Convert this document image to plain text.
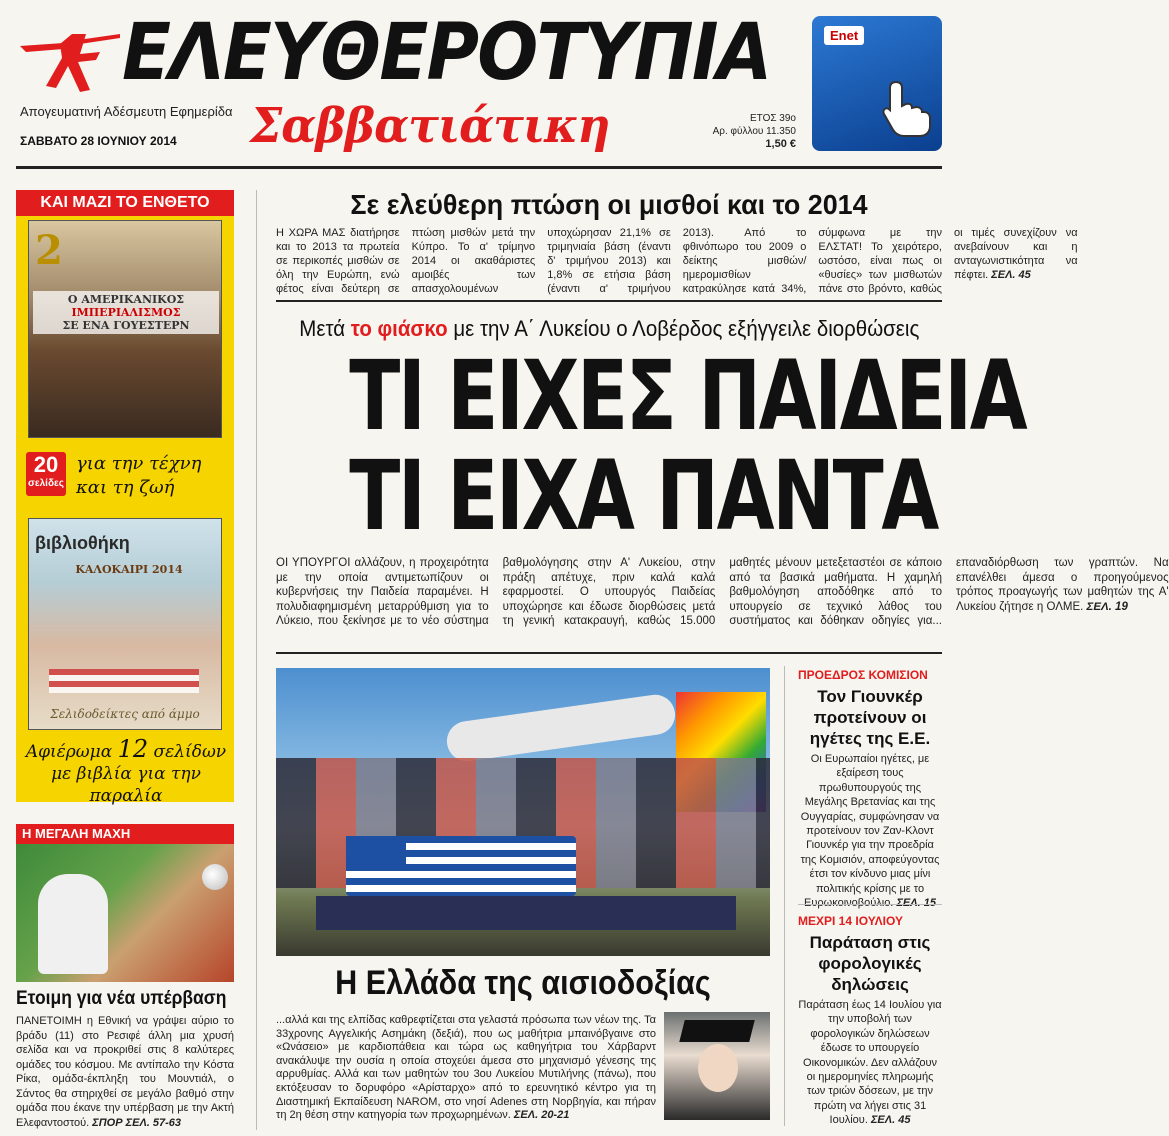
ΕΛΕΥΘΕΡΟΤΥΠΙΑ
Απογευματινή Αδέσμευτη Εφημερίδα
ΣΑΒΒΑΤΟ 28 ΙΟΥΝΙΟΥ 2014 Σαββατιάτικη	ΕΤΟΣ 39ο
Αρ. φύλλου 11.350
1,50 €
Enet
ΚΑΙ ΜΑΖΙ ΤΟ ΕΝΘΕΤΟ
2
Ο ΑΜΕΡΙΚΑΝΙΚΟΣ
ΙΜΠΕΡΙΑΛΙΣΜΟΣ
ΣΕ ΕΝΑ ΓΟΥΕΣΤΕΡΝ
20
σελίδες
για την τέχνη και τη ζωή
βιβλιοθήκη
ΚΑΛΟΚΑΙΡΙ 2014
Σελιδοδείκτες από άμμο
Αφιέρωμα 12 σελίδων με βιβλία για την παραλία
Η ΜΕΓΑΛΗ ΜΑΧΗ
Ετοιμη για νέα υπέρβαση
ΠΑΝΕΤΟΙΜΗ η Εθνική να γράψει αύριο το βράδυ (11) στο Ρεσιφέ άλλη μια χρυσή σελίδα και να προκριθεί στις 8 καλύτερες ομάδες του κόσμου. Με αντίπαλο την Κόστα Ρίκα, ομάδα-έκπληξη του Μουντιάλ, ο Σάντος θα στηριχθεί σε μεγάλο βαθμό στην ομάδα που έκανε την υπέρβαση με την Ακτή Ελεφαντοστού. ΣΠΟΡ ΣΕΛ. 57-63
Σε ελεύθερη πτώση οι μισθοί και το 2014
Η ΧΩΡΑ ΜΑΣ διατήρησε και το 2013 τα πρωτεία σε περικοπές μισθών σε όλη την Ευρώπη, ενώ φέτος είναι δεύτερη σε πτώση μισθών μετά την Κύπρο. Το α' τρίμηνο 2014 οι ακαθάριστες αμοιβές των απασχολουμένων υποχώρησαν 21,1% σε τριμηνιαία βάση (έναντι δ' τριμήνου 2013) και 1,8% σε ετήσια βάση (έναντι α' τριμήνου 2013). Από το φθινόπωρο του 2009 ο δείκτης μισθών/ημερομισθίων κατρακύλησε κατά 34%, σύμφωνα με την ΕΛΣΤΑΤ! Το χειρότερο, ωστόσο, είναι πως οι «θυσίες» των μισθωτών πάνε στο βρόντο, καθώς οι τιμές συνεχίζουν να ανεβαίνουν και η ανταγωνιστικότητα να πέφτει. ΣΕΛ. 45
Μετά το φιάσκο με την Α΄ Λυκείου ο Λοβέρδος εξήγγειλε διορθώσεις
ΤΙ ΕΙΧΕΣ ΠΑΙΔΕΙΑ
ΤΙ ΕΙΧΑ ΠΑΝΤΑ
ΟΙ ΥΠΟΥΡΓΟΙ αλλάζουν, η προχειρότητα με την οποία αντιμετωπίζουν οι κυβερνήσεις την Παιδεία παραμένει. Η πολυδιαφημισμένη μεταρρύθμιση για το Λύκειο, που ξεκίνησε με το νέο σύστημα βαθμολόγησης στην Α' Λυκείου, στην πράξη απέτυχε, πριν καλά καλά εφαρμοστεί. Ο υπουργός Παιδείας υποχώρησε και έδωσε διορθώσεις μετά τη γενική κατακραυγή, καθώς 15.000 μαθητές μένουν μετεξεταστέοι σε κάποιο από τα βασικά μαθήματα. Η χαμηλή βαθμολόγηση αποδόθηκε από το υπουργείο σε τεχνικό λάθος του συστήματος και δόθηκαν οδηγίες για... επαναδιόρθωση των γραπτών. Να επανέλθει άμεσα ο προηγούμενος τρόπος προαγωγής των μαθητών της Α' Λυκείου ζήτησε η ΟΛΜΕ. ΣΕΛ. 19
Η Ελλάδα της αισιοδοξίας
...αλλά και της ελπίδας καθρεφτίζεται στα γελαστά πρόσωπα των νέων της. Τα 33χρονης Αγγελικής Ασημάκη (δεξιά), που ως μαθήτρια μπαινόβγαινε στο «Ωνάσειο» με καρδιοπάθεια και τώρα ως καθηγήτρια του Χάρβαρντ ανακάλυψε την ουσία η οποία στοχεύει άμεσα στο μηχανισμό γένεσης της αρρυθμίας. Αλλά και των μαθητών του 3ου Λυκείου Μυτιλήνης (πάνω), που εκτόξευσαν το δορυφόρο «Αρίσταρχο» από το ερευνητικό κέντρο για τη Διαστημική Εκπαίδευση NAROM, στο νησί Adenes στη Νορβηγία, και πήραν τη 2η θέση στην κατηγορία των προχωρημένων. ΣΕΛ. 20-21
ΠΡΟΕΔΡΟΣ ΚΟΜΙΣΙΟΝ
Τον Γιουνκέρ προτείνουν οι ηγέτες της Ε.Ε.
Οι Ευρωπαίοι ηγέτες, με εξαίρεση τους πρωθυπουργούς της Μεγάλης Βρετανίας και της Ουγγαρίας, συμφώνησαν να προτείνουν τον Ζαν-Κλοντ Γιουνκέρ για την προεδρία της Κομισιόν, αποφεύγοντας έτσι τον κίνδυνο μιας μίνι πολιτικής κρίσης με το
ΜΕΧΡΙ 14 ΙΟΥΛΙΟΥ
Παράταση στις φορολογικές δηλώσεις
Παράταση έως 14 Ιουλίου για την υποβολή των φορολογικών δηλώσεων έδωσε το υπουργείο Οικονομικών. Δεν αλλάζουν οι ημερομηνίες πληρωμής των τριών δόσεων, με την πρώτη να λήγει στις 31 Ιουλίου. ΣΕΛ. 45
